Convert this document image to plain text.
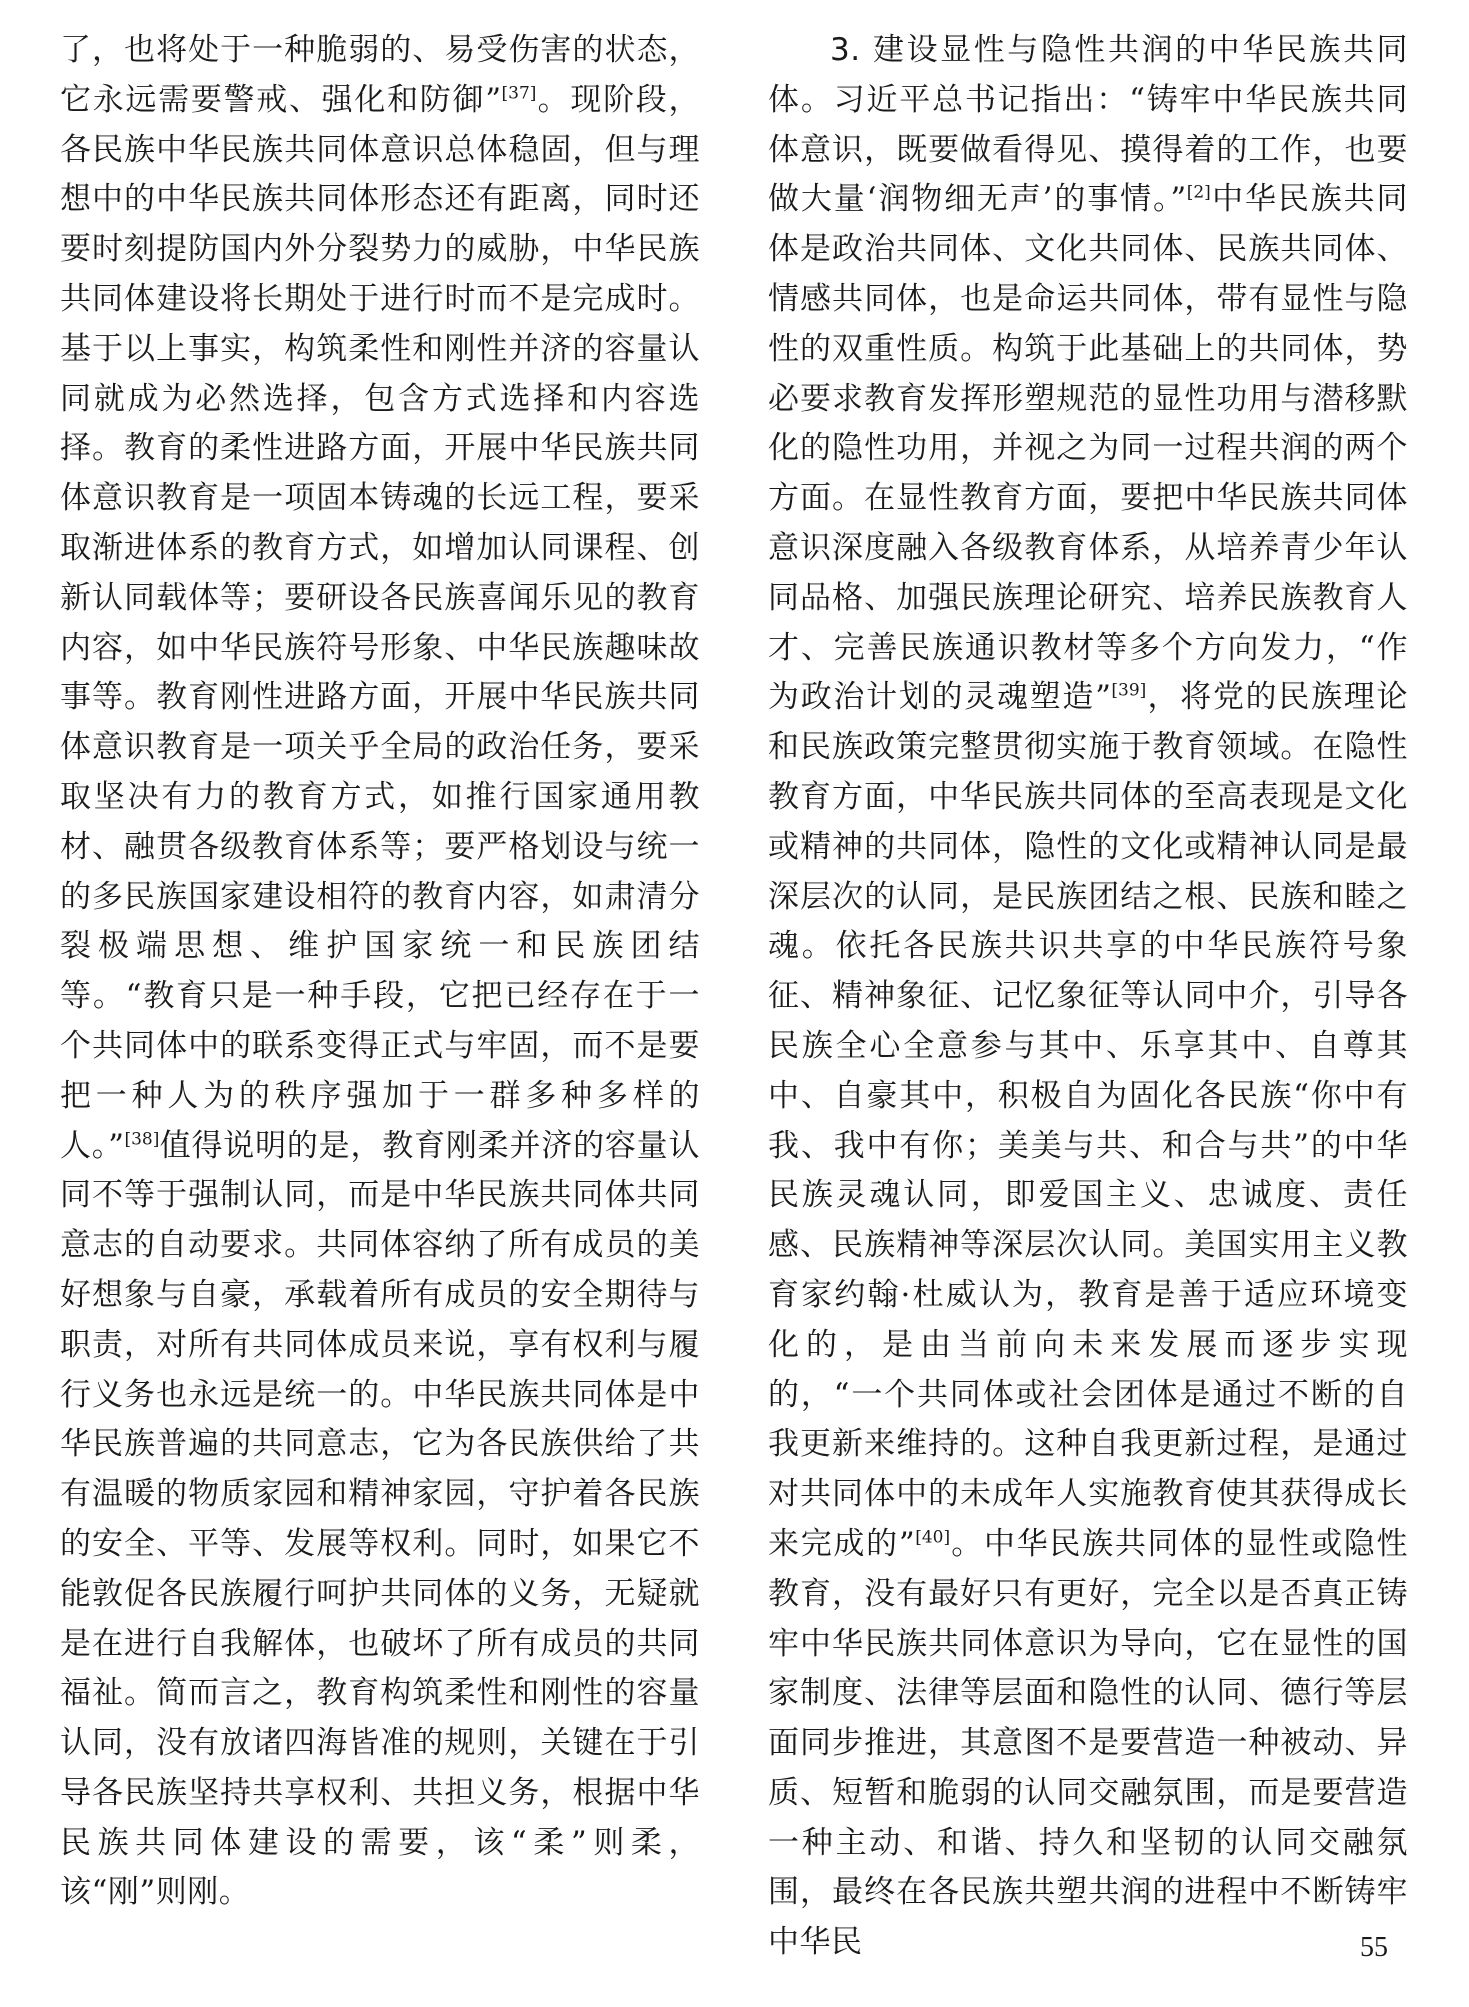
了，也将处于一种脆弱的、易受伤害的状态，它永远需要警戒、强化和防御”[37]。现阶段，各民族中华民族共同体意识总体稳固，但与理想中的中华民族共同体形态还有距离，同时还要时刻提防国内外分裂势力的威胁，中华民族共同体建设将长期处于进行时而不是完成时。基于以上事实，构筑柔性和刚性并济的容量认同就成为必然选择，包含方式选择和内容选择。教育的柔性进路方面，开展中华民族共同体意识教育是一项固本铸魂的长远工程，要采取渐进体系的教育方式，如增加认同课程、创新认同载体等；要研设各民族喜闻乐见的教育内容，如中华民族符号形象、中华民族趣味故事等。教育刚性进路方面，开展中华民族共同体意识教育是一项关乎全局的政治任务，要采取坚决有力的教育方式，如推行国家通用教材、融贯各级教育体系等；要严格划设与统一的多民族国家建设相符的教育内容，如肃清分裂极端思想、维护国家统一和民族团结等。“教育只是一种手段，它把已经存在于一个共同体中的联系变得正式与牢固，而不是要把一种人为的秩序强加于一群多种多样的人。”[38]值得说明的是，教育刚柔并济的容量认同不等于强制认同，而是中华民族共同体共同意志的自动要求。共同体容纳了所有成员的美好想象与自豪，承载着所有成员的安全期待与职责，对所有共同体成员来说，享有权利与履行义务也永远是统一的。中华民族共同体是中华民族普遍的共同意志，它为各民族供给了共有温暖的物质家园和精神家园，守护着各民族的安全、平等、发展等权利。同时，如果它不能敦促各民族履行呵护共同体的义务，无疑就是在进行自我解体，也破坏了所有成员的共同福祉。简而言之，教育构筑柔性和刚性的容量认同，没有放诸四海皆准的规则，关键在于引导各民族坚持共享权利、共担义务，根据中华民族共同体建设的需要，该“柔”则柔，该“刚”则刚。

3. 建设显性与隐性共润的中华民族共同体。习近平总书记指出：“铸牢中华民族共同体意识，既要做看得见、摸得着的工作，也要做大量‘润物细无声’的事情。”[2]中华民族共同体是政治共同体、文化共同体、民族共同体、情感共同体，也是命运共同体，带有显性与隐性的双重性质。构筑于此基础上的共同体，势必要求教育发挥形塑规范的显性功用与潜移默化的隐性功用，并视之为同一过程共润的两个方面。在显性教育方面，要把中华民族共同体意识深度融入各级教育体系，从培养青少年认同品格、加强民族理论研究、培养民族教育人才、完善民族通识教材等多个方向发力，“作为政治计划的灵魂塑造”[39]，将党的民族理论和民族政策完整贯彻实施于教育领域。在隐性教育方面，中华民族共同体的至高表现是文化或精神的共同体，隐性的文化或精神认同是最深层次的认同，是民族团结之根、民族和睦之魂。依托各民族共识共享的中华民族符号象征、精神象征、记忆象征等认同中介，引导各民族全心全意参与其中、乐享其中、自尊其中、自豪其中，积极自为固化各民族“你中有我、我中有你；美美与共、和合与共”的中华民族灵魂认同，即爱国主义、忠诚度、责任感、民族精神等深层次认同。美国实用主义教育家约翰·杜威认为，教育是善于适应环境变化的，是由当前向未来发展而逐步实现的，“一个共同体或社会团体是通过不断的自我更新来维持的。这种自我更新过程，是通过对共同体中的未成年人实施教育使其获得成长来完成的”[40]。中华民族共同体的显性或隐性教育，没有最好只有更好，完全以是否真正铸牢中华民族共同体意识为导向，它在显性的国家制度、法律等层面和隐性的认同、德行等层面同步推进，其意图不是要营造一种被动、异质、短暂和脆弱的认同交融氛围，而是要营造一种主动、和谐、持久和坚韧的认同交融氛围，最终在各民族共塑共润的进程中不断铸牢中华民	55
